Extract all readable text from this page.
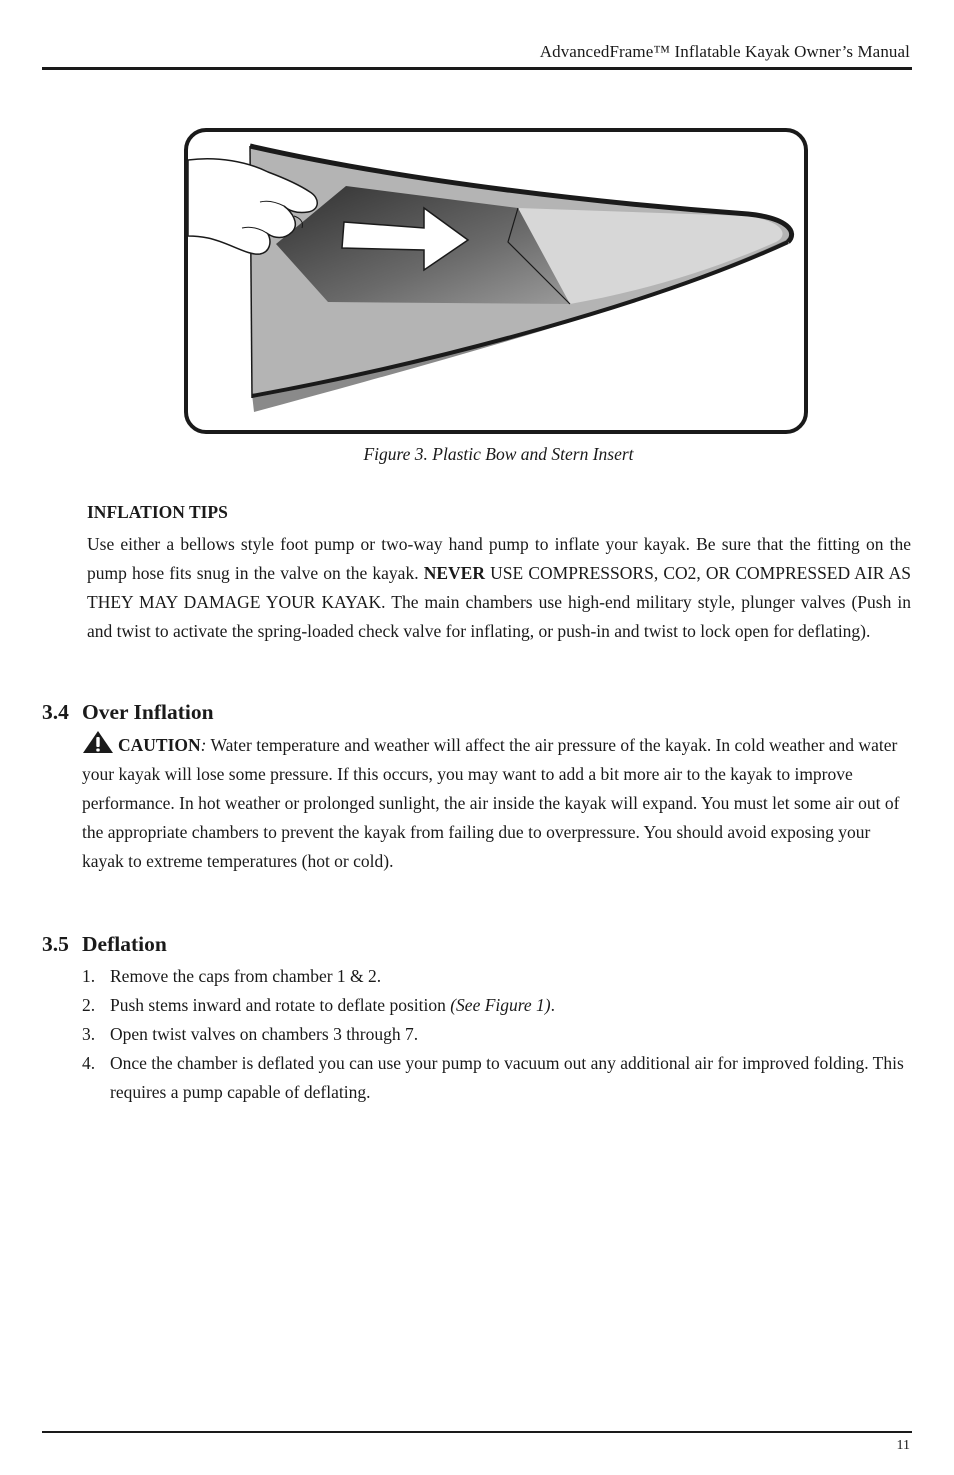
AdvancedFrame™ Inflatable Kayak Owner’s Manual
Figure 3. Plastic Bow and Stern Insert
INFLATION TIPS

Use either a bellows style foot pump or two-way hand pump to inflate your kayak. Be sure that the fitting on the pump hose fits snug in the valve on the kayak. NEVER USE COMPRESSORS, CO2, OR COMPRESSED AIR AS THEY MAY DAMAGE YOUR KAYAK. The main chambers use high-end military style, plunger valves (Push in and twist to activate the spring-loaded check valve for inflating, or push-in and twist to lock open for deflating).

3.4 Over Inflation

CAUTION: Water temperature and weather will affect the air pressure of the kayak. In cold weather and water your kayak will lose some pressure. If this occurs, you may want to add a bit more air to the kayak to improve performance. In hot weather or prolonged sunlight, the air inside the kayak will expand. You must let some air out of the appropriate chambers to prevent the kayak from failing due to overpressure. You should avoid exposing your kayak to extreme temperatures (hot or cold).

3.5 Deflation
1. Remove the caps from chamber 1 & 2.
2. Push stems inward and rotate to deflate position (See Figure 1).
3. Open twist valves on chambers 3 through 7.
4. Once the chamber is deflated you can use your pump to vacuum out any additional air for improved folding. This requires a pump capable of deflating.
11
